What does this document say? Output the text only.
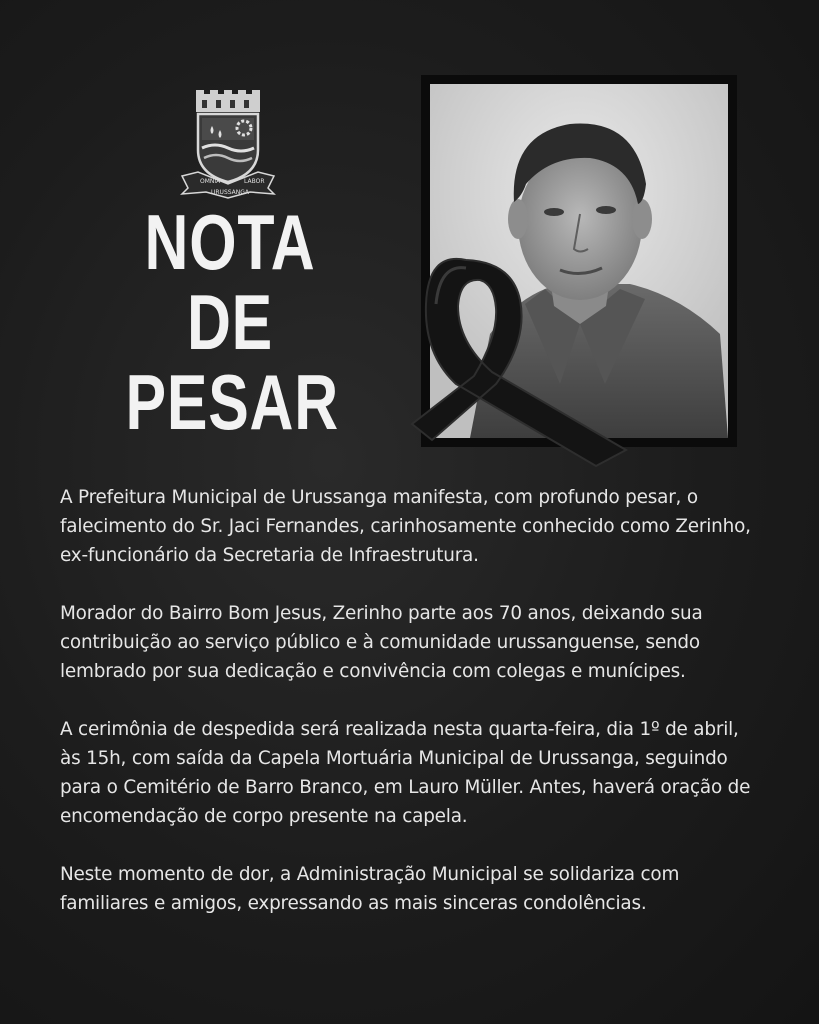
OMNIA	LABOR
URUSSANGA
NOTA DE
PESAR

A Prefeitura Municipal de Urussanga manifesta, com profundo pesar, o falecimento do Sr. Jaci Fernandes, carinhosamente conhecido como Zerinho, ex-funcionário da Secretaria de Infraestrutura.

Morador do Bairro Bom Jesus, Zerinho parte aos 70 anos, deixando sua contribuição ao serviço público e à comunidade urussanguense, sendo lembrado por sua dedicação e convivência com colegas e munícipes.

A cerimônia de despedida será realizada nesta quarta-feira, dia 1º de abril, às 15h, com saída da Capela Mortuária Municipal de Urussanga, seguindo para o Cemitério de Barro Branco, em Lauro Müller. Antes, haverá oração de encomendação de corpo presente na capela.

Neste momento de dor, a Administração Municipal se solidariza com familiares e amigos, expressando as mais sinceras condolências.
